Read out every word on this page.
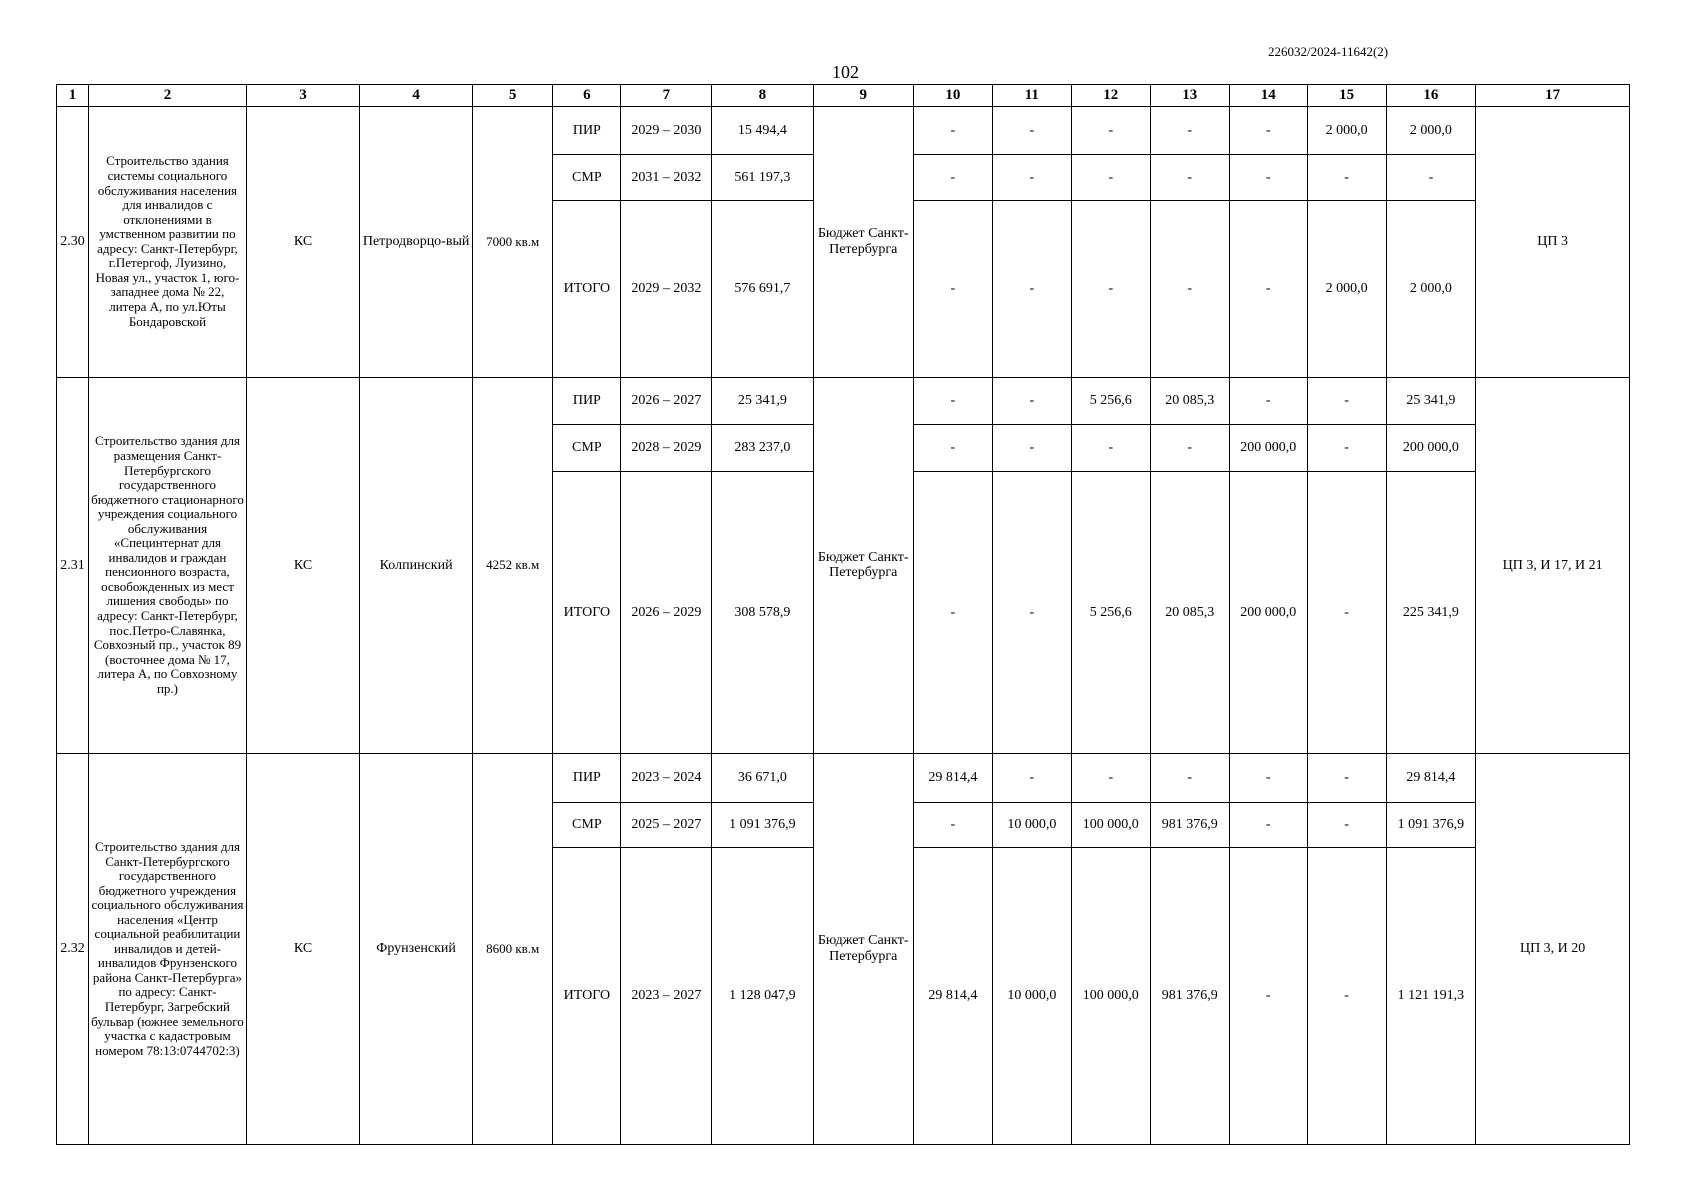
226032/2024-11642(2)
102
1	2	3	4	5	6	7	8	9	10	11	12	13	14	15	16	17
2.30	Строительство здания системы социального обслуживания населения для инвалидов с отклонениями в умственном развитии по адресу: Санкт-Петербург, г.Петергоф, Луизино, Новая ул., участок 1, юго-западнее дома № 22, литера А, по ул.Юты Бондаровской	КС	Петродворцо-вый	7000 кв.м	ПИР	2029 – 2030	15 494,4	Бюджет Санкт-Петербурга	-	-	-	-	-	2 000,0	2 000,0	ЦП 3
					СМР	2031 – 2032	561 197,3		-	-	-	-	-	-	-	
					ИТОГО	2029 – 2032	576 691,7		-	-	-	-	-	2 000,0	2 000,0	
2.31	Строительство здания для размещения Санкт-Петербургского государственного бюджетного стационарного учреждения социального обслуживания «Специнтернат для инвалидов и граждан пенсионного возраста, освобожденных из мест лишения свободы» по адресу: Санкт-Петербург, пос.Петро-Славянка, Совхозный пр., участок 89 (восточнее дома № 17, литера А, по Совхозному пр.)	КС	Колпинский	4252 кв.м	ПИР	2026 – 2027	25 341,9	Бюджет Санкт-Петербурга	-	-	5 256,6	20 085,3	-	-	25 341,9	ЦП 3, И 17, И 21
					СМР	2028 – 2029	283 237,0		-	-	-	-	200 000,0	-	200 000,0	
					ИТОГО	2026 – 2029	308 578,9		-	-	5 256,6	20 085,3	200 000,0	-	225 341,9	
2.32	Строительство здания для Санкт-Петербургского государственного бюджетного учреждения социального обслуживания населения «Центр социальной реабилитации инвалидов и детей-инвалидов Фрунзенского района Санкт-Петербурга» по адресу: Санкт-Петербург, Загребский бульвар (южнее земельного участка с кадастровым номером 78:13:0744702:3)	КС	Фрунзенский	8600 кв.м	ПИР	2023 – 2024	36 671,0	Бюджет Санкт-Петербурга	29 814,4	-	-	-	-	-	29 814,4	ЦП 3, И 20
					СМР	2025 – 2027	1 091 376,9		-	10 000,0	100 000,0	981 376,9	-	-	1 091 376,9	
					ИТОГО	2023 – 2027	1 128 047,9		29 814,4	10 000,0	100 000,0	981 376,9	-	-	1 121 191,3	
